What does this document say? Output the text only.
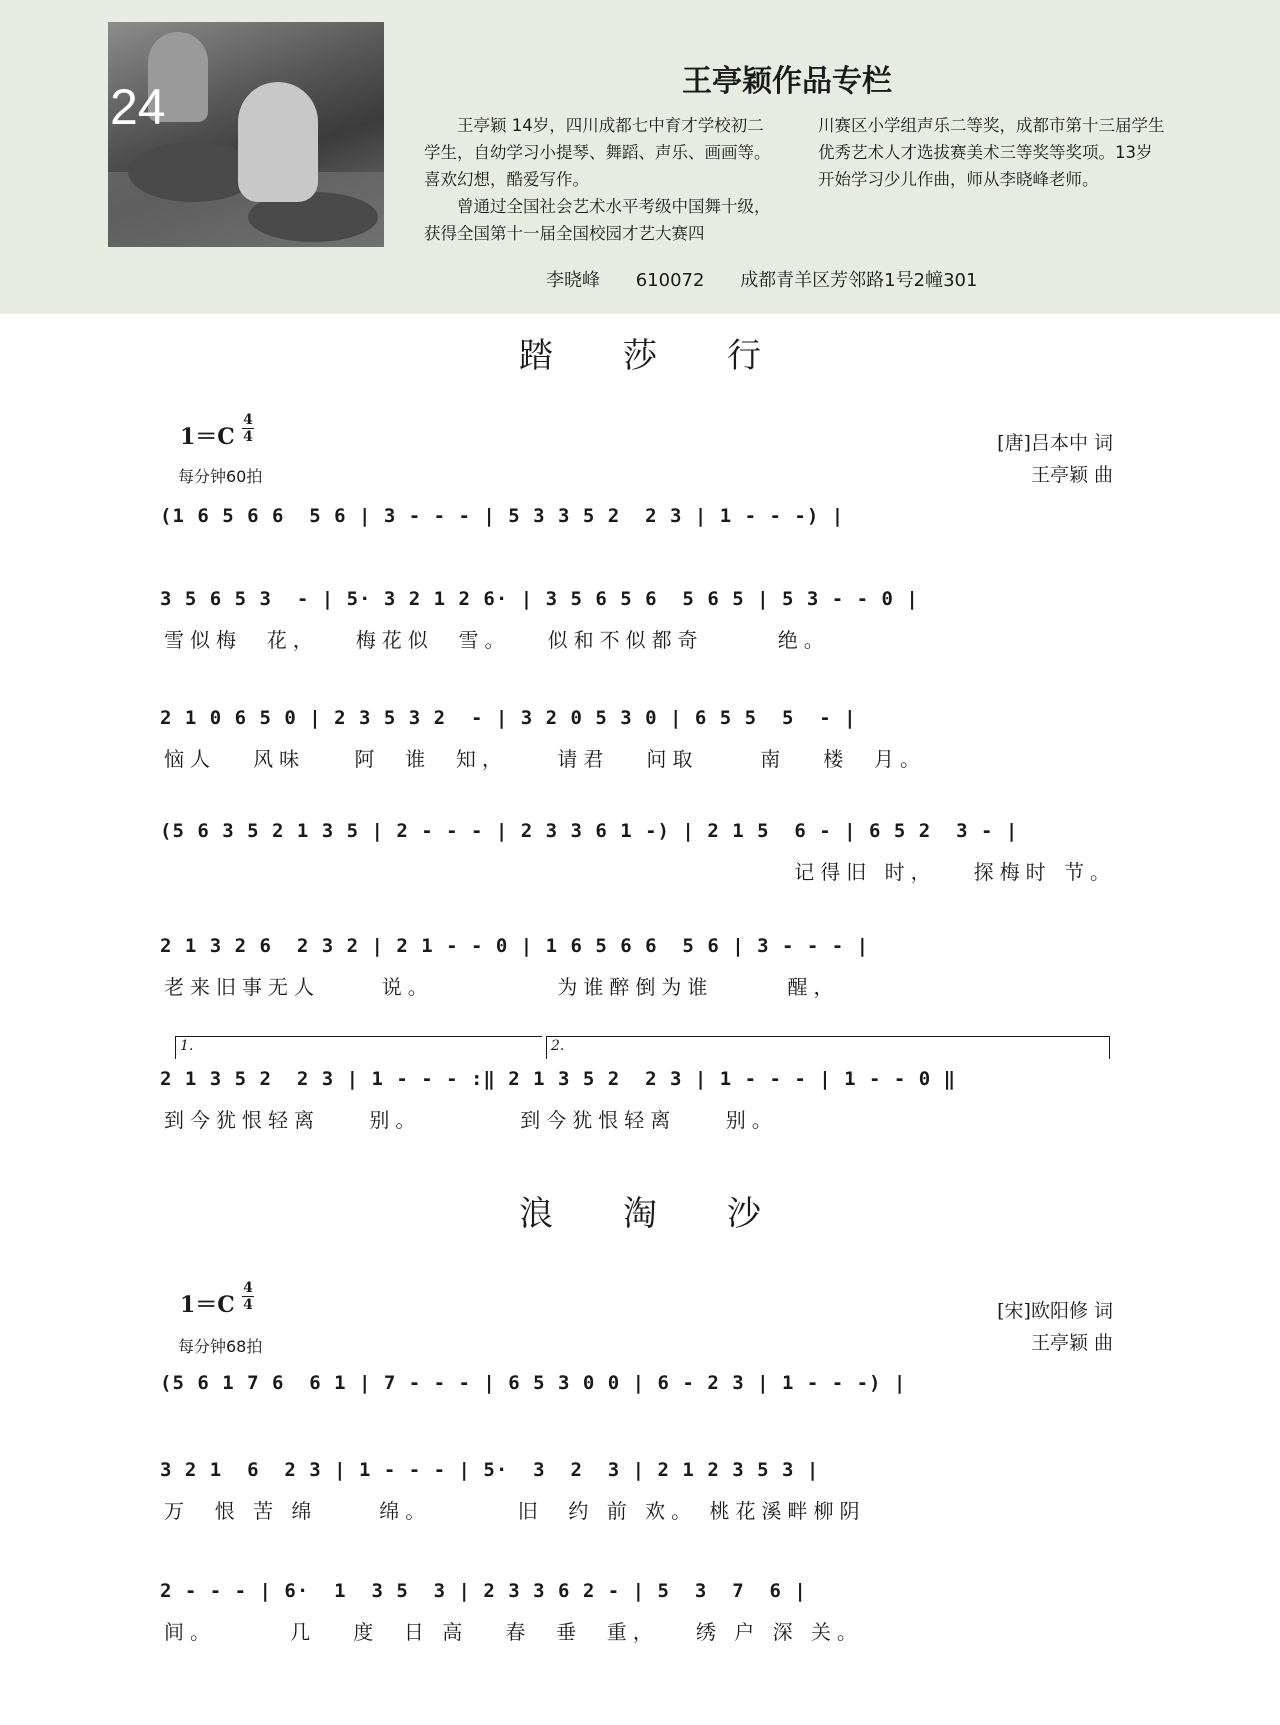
24	王亭颖作品专栏

王亭颖 14岁，四川成都七中育才学校初二学生，自幼学习小提琴、舞蹈、声乐、画画等。喜欢幻想，酷爱写作。

曾通过全国社会艺术水平考级中国舞十级，获得全国第十一届全国校园才艺大赛四

川赛区小学组声乐二等奖，成都市第十三届学生优秀艺术人才选拔赛美术三等奖等奖项。13岁开始学习少儿作曲，师从李晓峰老师。
李晓峰 610072 成都青羊区芳邻路1号2幢301
踏莎行
1＝C
4
4
每分钟60拍
[唐]吕本中 词
王亭颖 曲
(1 6 5 6 6  5 6 | 3 - - - | 5 3 3 5 2  2 3 | 1 - - -) |
3 5 6 5 3  - | 5· 3 2 1 2 6· | 3 5 6 5 6  5 6 5 | 5 3 - - 0 |
雪似梅  花，   梅花似  雪。   似和不似都奇      绝。
2 1 0 6 5 0 | 2 3 5 3 2  - | 3 2 0 5 3 0 | 6 5 5  5  - |
恼人   风味    阿  谁  知，    请君   问取     南   楼  月。
(5 6 3 5 2 1 3 5 | 2 - - - | 2 3 3 6 1 -) | 2 1 5  6 - | 6 5 2  3 - |
记得旧 时，   探梅时 节。
2 1 3 2 6  2 3 2 | 2 1 - - 0 | 1 6 5 6 6  5 6 | 3 - - - |
老来旧事无人     说。          为谁醉倒为谁      醒，
1.	2.
2 1 3 5 2  2 3 | 1 - - - :‖ 2 1 3 5 2  2 3 | 1 - - - | 1 - - 0 ‖
到今犹恨轻离    别。        到今犹恨轻离    别。
浪淘沙
1＝C
4
4
每分钟68拍
[宋]欧阳修 词
王亭颖 曲
(5 6 1 7 6  6 1 | 7 - - - | 6 5 3 0 0 | 6 - 2 3 | 1 - - -) |
3 2 1  6  2 3 | 1 - - - | 5·  3  2  3 | 2 1 2 3 5 3 |
万  恨 苦 绵     绵。       旧  约 前 欢。 桃花溪畔柳阴
2 - - - | 6·  1  3 5  3 | 2 3 3 6 2 - | 5  3  7  6 |
间。      几   度  日 高   春  垂  重，   绣 户 深 关。
